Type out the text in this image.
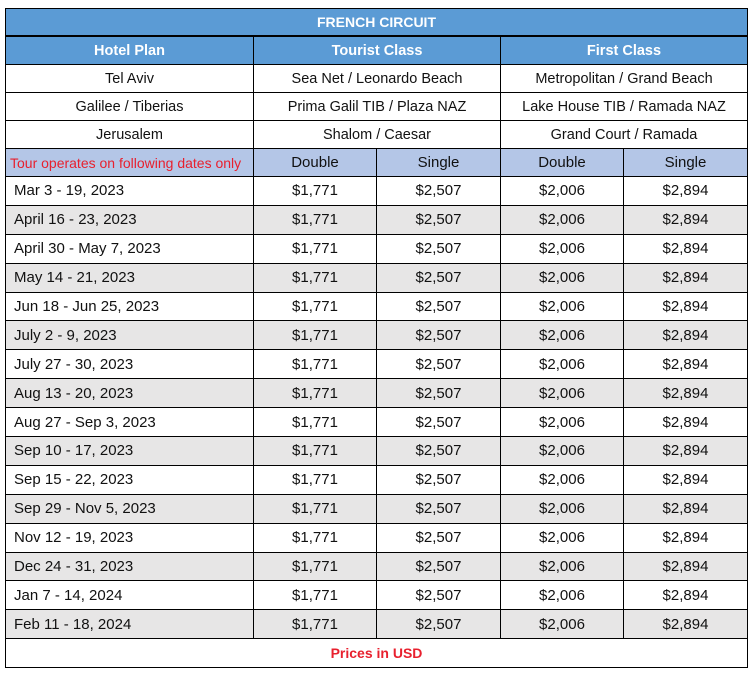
FRENCH CIRCUIT				
Hotel Plan	Tourist Class		First Class	
Tel Aviv	Sea Net / Leonardo Beach		Metropolitan / Grand Beach	
Galilee / Tiberias	Prima Galil TIB / Plaza NAZ		Lake House TIB / Ramada NAZ	
Jerusalem	Shalom / Caesar		Grand Court / Ramada	
Tour operates on following dates only	Double	Single	Double	Single
Mar 3 - 19, 2023	$1,771	$2,507	$2,006	$2,894
April 16 - 23, 2023	$1,771	$2,507	$2,006	$2,894
April 30 - May 7, 2023	$1,771	$2,507	$2,006	$2,894
May 14 - 21, 2023	$1,771	$2,507	$2,006	$2,894
Jun 18 - Jun 25, 2023	$1,771	$2,507	$2,006	$2,894
July 2 - 9, 2023	$1,771	$2,507	$2,006	$2,894
July 27 - 30, 2023	$1,771	$2,507	$2,006	$2,894
Aug 13 - 20, 2023	$1,771	$2,507	$2,006	$2,894
Aug 27 - Sep 3, 2023	$1,771	$2,507	$2,006	$2,894
Sep 10 - 17, 2023	$1,771	$2,507	$2,006	$2,894
Sep 15 - 22, 2023	$1,771	$2,507	$2,006	$2,894
Sep 29 - Nov 5, 2023	$1,771	$2,507	$2,006	$2,894
Nov 12 - 19, 2023	$1,771	$2,507	$2,006	$2,894
Dec 24 - 31, 2023	$1,771	$2,507	$2,006	$2,894
Jan 7 - 14, 2024	$1,771	$2,507	$2,006	$2,894
Feb 11 - 18, 2024	$1,771	$2,507	$2,006	$2,894
Prices in USD				
